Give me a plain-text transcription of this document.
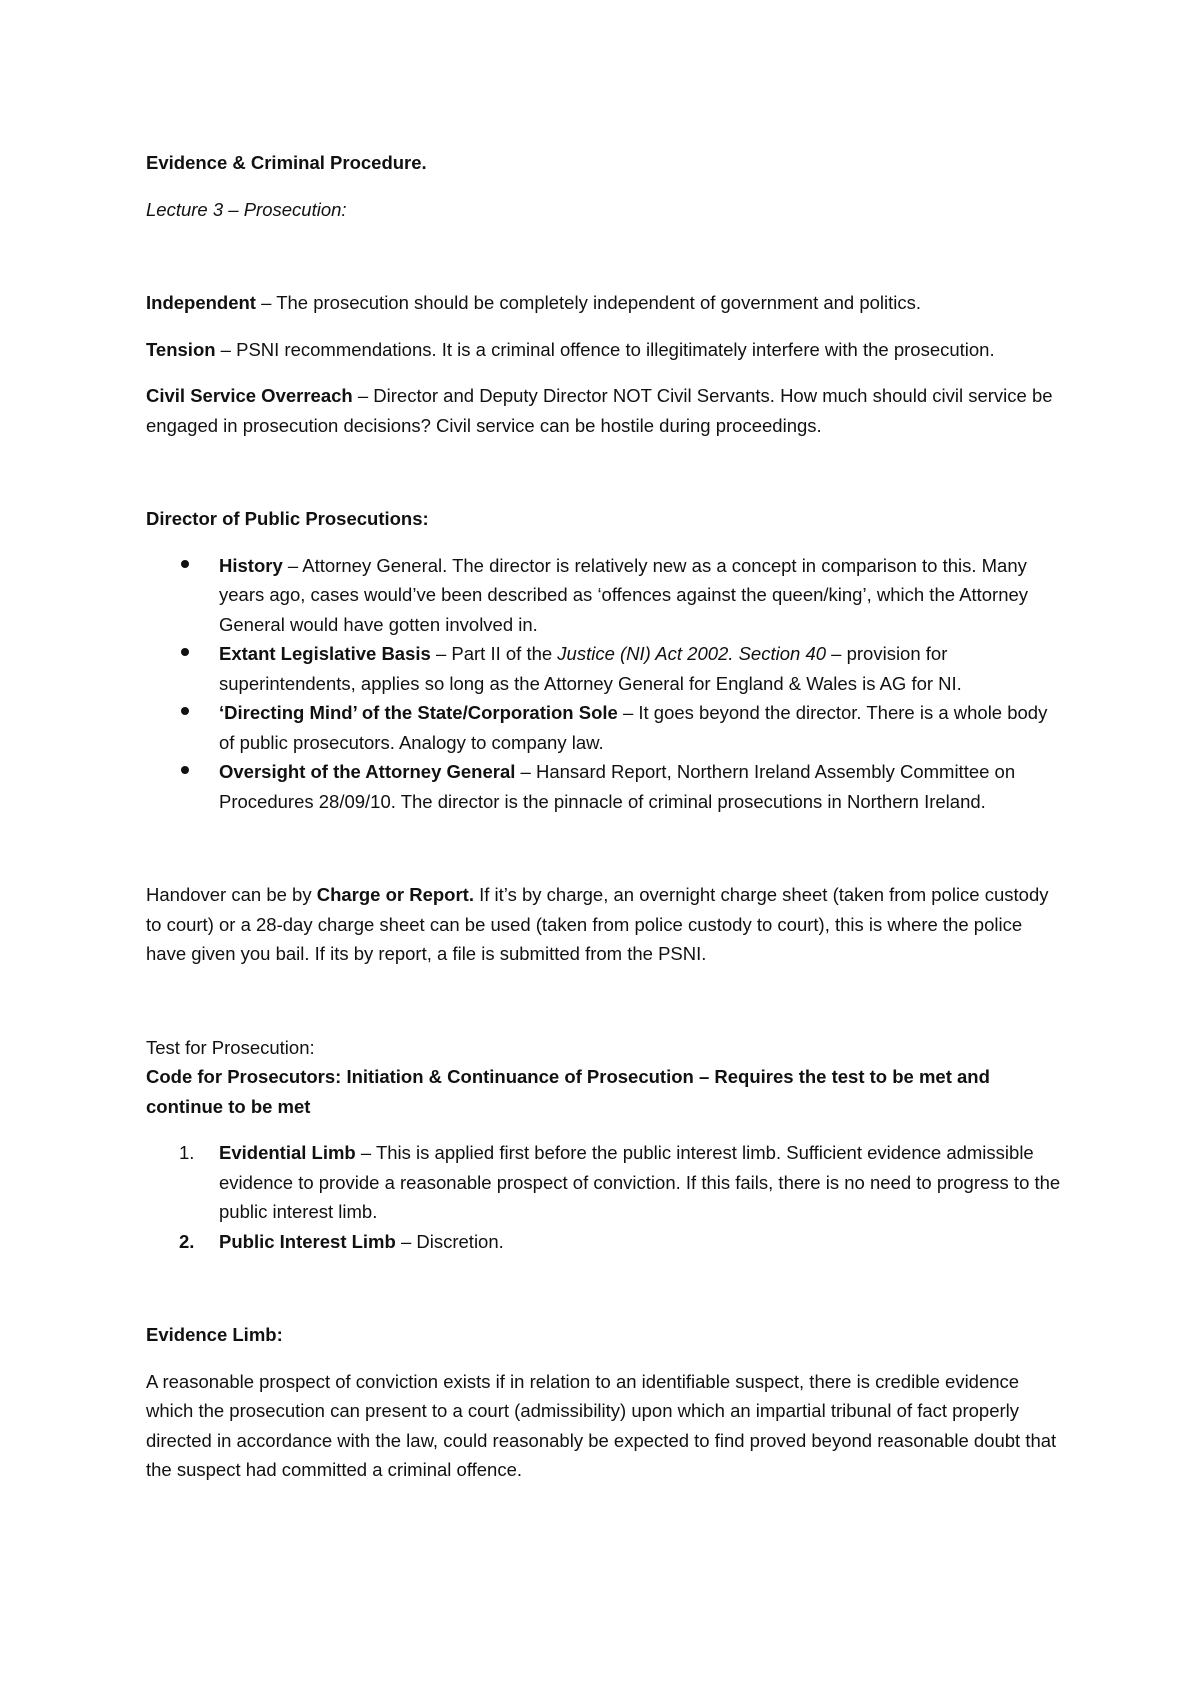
Evidence & Criminal Procedure.

Lecture 3 – Prosecution:

Independent – The prosecution should be completely independent of government and politics.

Tension – PSNI recommendations. It is a criminal offence to illegitimately interfere with the prosecution.

Civil Service Overreach – Director and Deputy Director NOT Civil Servants. How much should civil service be engaged in prosecution decisions? Civil service can be hostile during proceedings.

Director of Public Prosecutions:

History – Attorney General. The director is relatively new as a concept in comparison to this. Many years ago, cases would’ve been described as ‘offences against the queen/king’, which the Attorney General would have gotten involved in.
Extant Legislative Basis – Part II of the Justice (NI) Act 2002. Section 40 – provision for superintendents, applies so long as the Attorney General for England & Wales is AG for NI.
‘Directing Mind’ of the State/Corporation Sole – It goes beyond the director. There is a whole body of public prosecutors. Analogy to company law.
Oversight of the Attorney General – Hansard Report, Northern Ireland Assembly Committee on Procedures 28/09/10. The director is the pinnacle of criminal prosecutions in Northern Ireland.

Handover can be by Charge or Report. If it’s by charge, an overnight charge sheet (taken from police custody to court) or a 28-day charge sheet can be used (taken from police custody to court), this is where the police have given you bail. If its by report, a file is submitted from the PSNI.

Test for Prosecution:

Code for Prosecutors: Initiation & Continuance of Prosecution – Requires the test to be met and continue to be met

1. Evidential Limb – This is applied first before the public interest limb. Sufficient evidence admissible evidence to provide a reasonable prospect of conviction. If this fails, there is no need to progress to the public interest limb.
2. Public Interest Limb – Discretion.

Evidence Limb:

A reasonable prospect of conviction exists if in relation to an identifiable suspect, there is credible evidence which the prosecution can present to a court (admissibility) upon which an impartial tribunal of fact properly directed in accordance with the law, could reasonably be expected to find proved beyond reasonable doubt that the suspect had committed a criminal offence.
